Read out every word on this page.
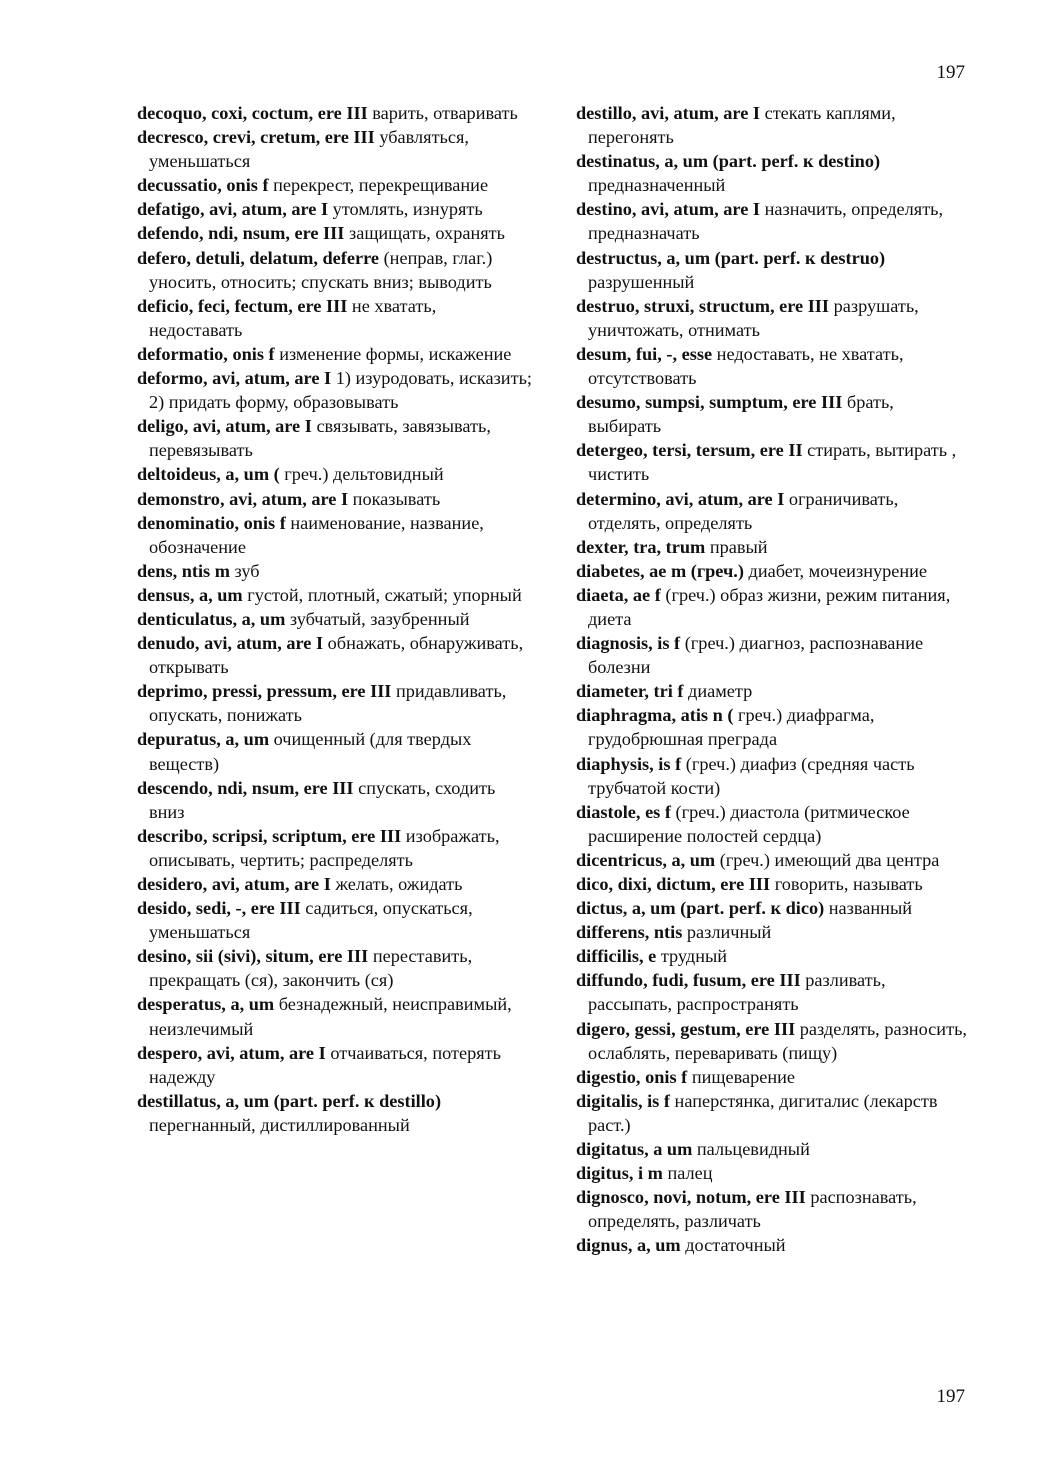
197
decoquo, coxi, coctum, ere III варить, отваривать
decresco, crevi, cretum, ere III убавляться, уменьшаться
decussatio, onis f перекрест, перекрещивание
defatigo, avi, atum, are I утомлять, изнурять
defendo, ndi, nsum, ere III защищать, охранять
defero, detuli, delatum, deferre (неправ, глаг.) уносить, относить; спускать вниз; выводить
deficio, feci, fectum, ere III не хватать, недоставать
deformatio, onis f изменение формы, искажение
deformo, avi, atum, are I 1) изуродовать, исказить; 2) придать форму, образовывать
deligo, avi, atum, are I связывать, завязывать, перевязывать
deltoideus, a, um ( греч.) дельтовидный
demonstro, avi, atum, are I показывать
denominatio, onis f наименование, название, обозначение
dens, ntis m зуб
densus, a, um густой, плотный, сжатый; упорный
denticulatus, a, um зубчатый, зазубренный
denudo, avi, atum, are I обнажать, обнаруживать, открывать
deprimo, pressi, pressum, ere III придавливать, опускать, понижать
depuratus, a, um очищенный (для твердых веществ)
descendo, ndi, nsum, ere III спускать, сходить вниз
describo, scripsi, scriptum, ere III изображать, описывать, чертить; распределять
desidero, avi, atum, are I желать, ожидать
desido, sedi, -, ere III садиться, опускаться, уменьшаться
desino, sii (sivi), situm, ere III переставить, прекращать (ся), закончить (ся)
desperatus, a, um безнадежный, неисправимый, неизлечимый
despero, avi, atum, are I отчаиваться, потерять надежду
destillatus, a, um (part. perf. к destillo) перегнанный, дистиллированный
destillo, avi, atum, are I стекать каплями, перегонять
destinatus, a, um (part. perf. к destino) предназначенный
destino, avi, atum, are I назначить, определять, предназначать
destructus, a, um (part. perf. к destruo) разрушенный
destruo, struxi, structum, ere III разрушать, уничтожать, отнимать
desum, fui, -, esse недоставать, не хватать, отсутствовать
desumo, sumpsi, sumptum, ere III брать, выбирать
detergeo, tersi, tersum, ere II стирать, вытирать , чистить
determino, avi, atum, are I ограничивать, отделять, определять
dexter, tra, trum правый
diabetes, ae m (греч.) диабет, мочеизнурение
diaeta, ae f (греч.) образ жизни, режим питания, диета
diagnosis, is f (греч.) диагноз, распознавание болезни
diameter, tri f диаметр
diaphragma, atis n ( греч.) диафрагма, грудобрюшная преграда
diaphysis, is f (греч.) диафиз (средняя часть трубчатой кости)
diastole, es f (греч.) диастола (ритмическое расширение полостей сердца)
dicentricus, a, um (греч.) имеющий два центра
dico, dixi, dictum, ere III говорить, называть
dictus, a, um (part. perf. к dico) названный
differens, ntis различный
difficilis, e трудный
diffundo, fudi, fusum, ere III разливать, рассыпать, распространять
digero, gessi, gestum, ere III разделять, разносить, ослаблять, переваривать (пищу)
digestio, onis f пищеварение
digitalis, is f наперстянка, дигиталис (лекарств раст.)
digitatus, a um пальцевидный
digitus, i m палец
dignosco, novi, notum, ere III распознавать, определять, различать
dignus, a, um достаточный
197
